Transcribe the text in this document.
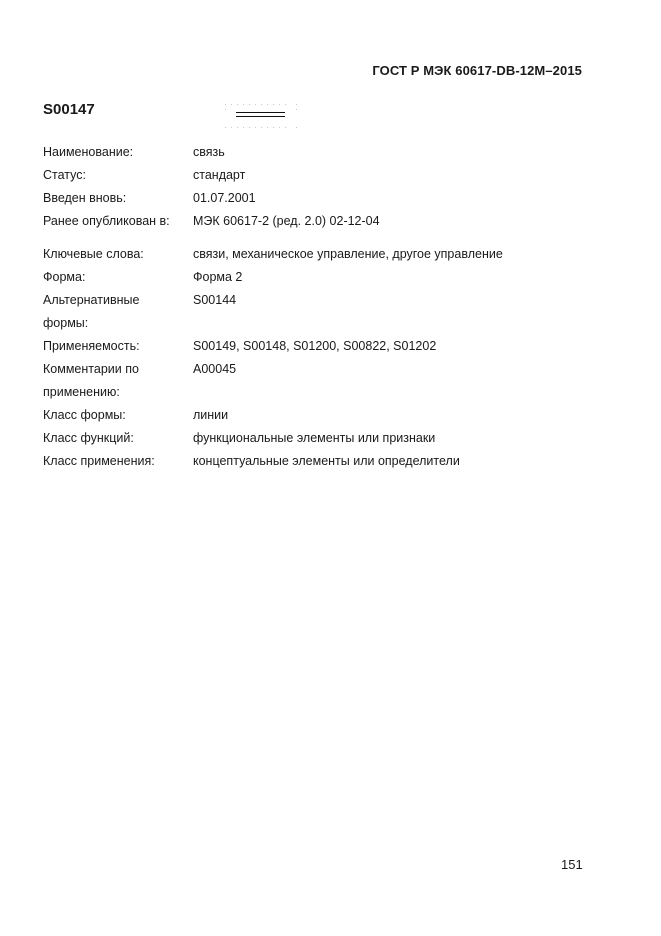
ГОСТ Р МЭК 60617-DB-12M–2015
S00147
Наименование:	связь
Статус:	стандарт
Введен вновь:	01.07.2001
Ранее опубликован в:	МЭК 60617-2 (ред. 2.0) 02-12-04
Ключевые слова:	связи, механическое управление, другое управление
Форма:	Форма 2
Альтернативные	S00144
формы:
Применяемость:	S00149, S00148, S01200, S00822, S01202
Комментарии по	A00045
применению:
Класс формы:	линии
Класс функций:	функциональные элементы или признаки
Класс применения:	концептуальные элементы или определители
151
